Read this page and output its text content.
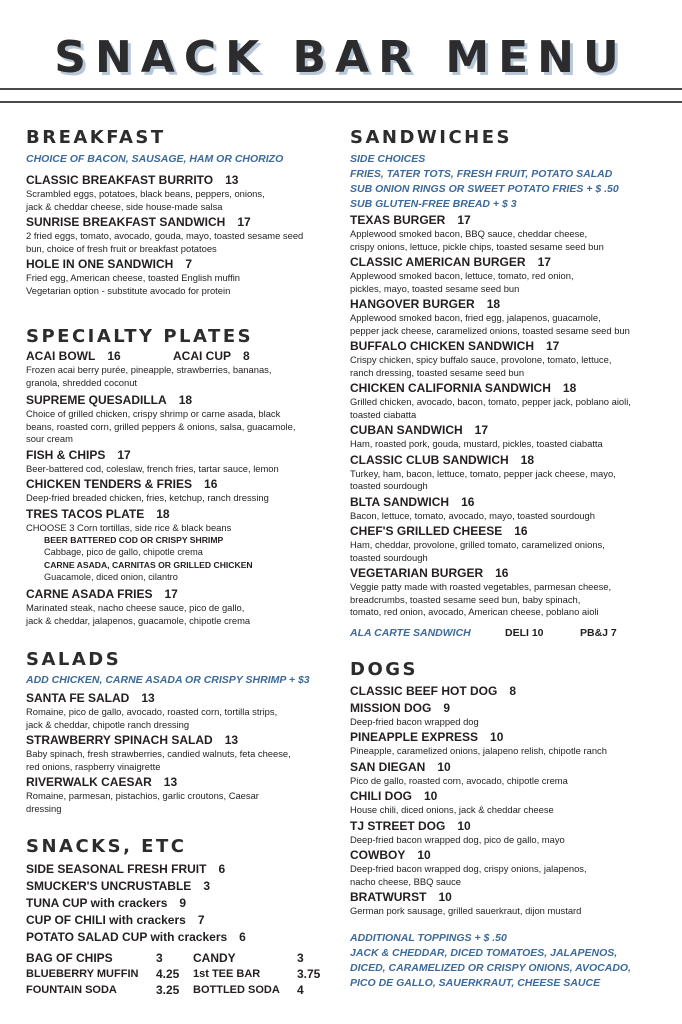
SNACK BAR MENU
BREAKFAST
CHOICE OF BACON, SAUSAGE, HAM OR CHORIZO
CLASSIC BREAKFAST BURRITO 13
Scrambled eggs, potatoes, black beans, peppers, onions,
jack & cheddar cheese, side house-made salsa
SUNRISE BREAKFAST SANDWICH 17
2 fried eggs, tomato, avocado, gouda, mayo, toasted sesame seed
bun, choice of fresh fruit or breakfast potatoes
HOLE IN ONE SANDWICH 7
Fried egg, American cheese, toasted English muffin
Vegetarian option - substitute avocado for protein
SPECIALTY PLATES
ACAI BOWL 16	ACAI CUP 8
Frozen acai berry purée, pineapple, strawberries, bananas,
granola, shredded coconut
SUPREME QUESADILLA 18
Choice of grilled chicken, crispy shrimp or carne asada, black
beans, roasted corn, grilled peppers & onions, salsa, guacamole,
sour cream
FISH & CHIPS 17
Beer-battered cod, coleslaw, french fries, tartar sauce, lemon
CHICKEN TENDERS & FRIES 16
Deep-fried breaded chicken, fries, ketchup, ranch dressing
TRES TACOS PLATE 18
CHOOSE 3 Corn tortillas, side rice & black beans
BEER BATTERED COD OR CRISPY SHRIMP
Cabbage, pico de gallo, chipotle crema
CARNE ASADA, CARNITAS OR GRILLED CHICKEN
Guacamole, diced onion, cilantro
CARNE ASADA FRIES 17
Marinated steak, nacho cheese sauce, pico de gallo,
jack & cheddar, jalapenos, guacamole, chipotle crema
SALADS
ADD CHICKEN, CARNE ASADA OR CRISPY SHRIMP + $3
SANTA FE SALAD 13
Romaine, pico de gallo, avocado, roasted corn, tortilla strips,
jack & cheddar, chipotle ranch dressing
STRAWBERRY SPINACH SALAD 13
Baby spinach, fresh strawberries, candied walnuts, feta cheese,
red onions, raspberry vinaigrette
RIVERWALK CAESAR 13
Romaine, parmesan, pistachios, garlic croutons, Caesar
dressing
SNACKS, ETC
SIDE SEASONAL FRESH FRUIT 6
SMUCKER'S UNCRUSTABLE 3
TUNA CUP with crackers 9
CUP OF CHILI with crackers 7
POTATO SALAD CUP with crackers 6
BAG OF CHIPS	3	CANDY	3
BLUEBERRY MUFFIN	4.25	1st TEE BAR	3.75
FOUNTAIN SODA	3.25	BOTTLED SODA	4
SANDWICHES
SIDE CHOICES
FRIES, TATER TOTS, FRESH FRUIT, POTATO SALAD
SUB ONION RINGS OR SWEET POTATO FRIES + $ .50
SUB GLUTEN-FREE BREAD + $ 3
TEXAS BURGER 17
Applewood smoked bacon, BBQ sauce, cheddar cheese,
crispy onions, lettuce, pickle chips, toasted sesame seed bun
CLASSIC AMERICAN BURGER 17
Applewood smoked bacon, lettuce, tomato, red onion,
pickles, mayo, toasted sesame seed bun
HANGOVER BURGER 18
Applewood smoked bacon, fried egg, jalapenos, guacamole,
pepper jack cheese, caramelized onions, toasted sesame seed bun
BUFFALO CHICKEN SANDWICH 17
Crispy chicken, spicy buffalo sauce, provolone, tomato, lettuce,
ranch dressing, toasted sesame seed bun
CHICKEN CALIFORNIA SANDWICH 18
Grilled chicken, avocado, bacon, tomato, pepper jack, poblano aioli,
toasted ciabatta
CUBAN SANDWICH 17
Ham, roasted pork, gouda, mustard, pickles, toasted ciabatta
CLASSIC CLUB SANDWICH 18
Turkey, ham, bacon, lettuce, tomato, pepper jack cheese, mayo,
toasted sourdough
BLTA SANDWICH 16
Bacon, lettuce, tomato, avocado, mayo, toasted sourdough
CHEF'S GRILLED CHEESE 16
Ham, cheddar, provolone, grilled tomato, caramelized onions,
toasted sourdough
VEGETARIAN BURGER 16
Veggie patty made with roasted vegetables, parmesan cheese,
breadcrumbs, toasted sesame seed bun, baby spinach,
tomato, red onion, avocado, American cheese, poblano aioli
ALA CARTE SANDWICH	DELI 10	PB&J 7
DOGS
CLASSIC BEEF HOT DOG 8
MISSION DOG 9
Deep-fried bacon wrapped dog
PINEAPPLE EXPRESS 10
Pineapple, caramelized onions, jalapeno relish, chipotle ranch
SAN DIEGAN 10
Pico de gallo, roasted corn, avocado, chipotle crema
CHILI DOG 10
House chili, diced onions, jack & cheddar cheese
TJ STREET DOG 10
Deep-fried bacon wrapped dog, pico de gallo, mayo
COWBOY 10
Deep-fried bacon wrapped dog, crispy onions, jalapenos,
nacho cheese, BBQ sauce
BRATWURST 10
German pork sausage, grilled sauerkraut, dijon mustard
ADDITIONAL TOPPINGS + $ .50
JACK & CHEDDAR, DICED TOMATOES, JALAPENOS,
DICED, CARAMELIZED OR CRISPY ONIONS, AVOCADO,
PICO DE GALLO, SAUERKRAUT, CHEESE SAUCE
